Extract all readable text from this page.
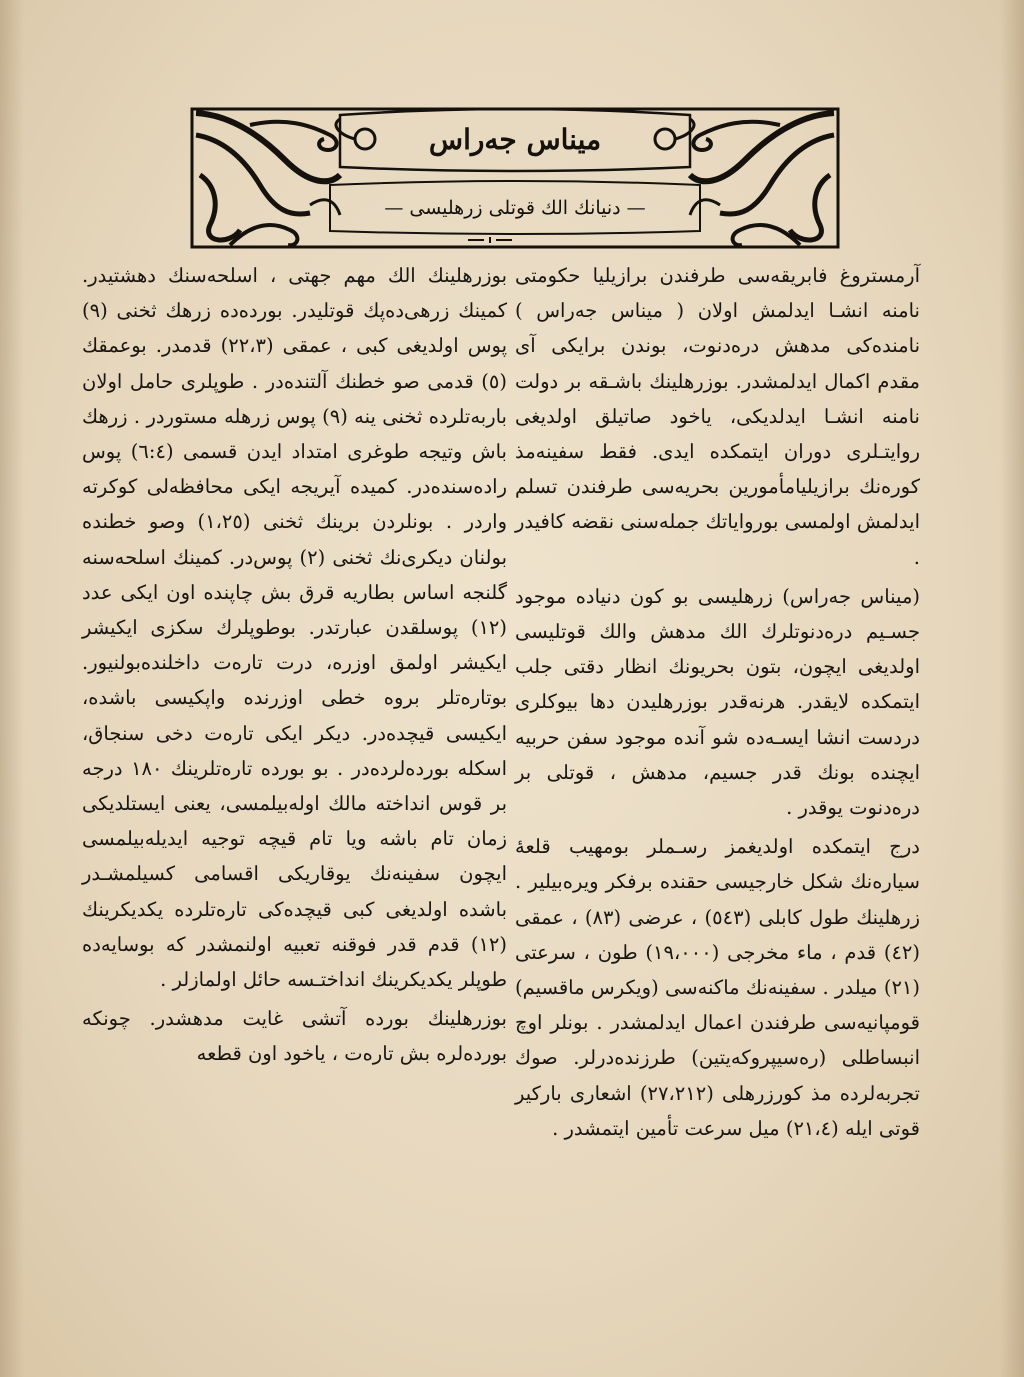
میناس جه‌راس
— دنیانك الك قوتلی زرهلیسی —

آرمستروغ فابریقه‌سی طرفندن برازیلیا حکومتی نامنه انشـا ایدلمش اولان ( میناس جه‌راس ) نامنده‌کی مدهش دره‌دنوت، بوندن برایکی آی مقدم اکمال ایدلمشدر. بوزرهلینك باشـقه بر دولت نامنه انشـا ایدلدیکی، یاخود صاتیلق اولدیغی روایتـلری دوران ایتمکده ایدی. فقط سفینه‌مذ کوره‌نك برازیلیامأمورین بحریه‌سی طرفندن تسلم ایدلمش اولمسی بوروایاتك جمله‌سنی نقضه کافیدر .

(میناس جه‌راس) زرهلیسی بو کون دنیاده موجود جسـیم دره‌دنوتلرك الك مدهش والك قوتلیسی اولدیغی ایچون، بتون بحریونك انظار دقتی جلب ایتمکده لایقدر. هرنه‌قدر بوزرهلیدن دها بیوکلری دردست انشا ایسـه‌ده شو آنده موجود سفن حربیه ایچنده بونك قدر جسیم، مدهش ، قوتلی بر دره‌دنوت یوقدر .

درج ایتمکده اولدیغمز رسـملر بومهیب قلعهٔ سیاره‌نك شکل خارجیسی حقنده برفکر ویره‌بیلیر . زرهلینك طول کابلی (٥٤٣) ، عرضی (٨٣) ، عمقی (٤٢) قدم ، ماء مخرجی (١٩،٠٠٠) طون ، سرعتی (٢١) میلدر . سفینه‌نك ماکنه‌سی (ویکرس ماقسیم) قومپانیه‌سی طرفندن اعمال ایدلمشدر . بونلر اوچ انبساطلی (ره‌سیپروکه‌یتین) طرزنده‌درلر. صوك تجربه‌لرده مذ کورزرهلی (٢٧،٢١٢) اشعاری بارکیر قوتی ایله (٢١،٤) میل سرعت تأمین ایتمشدر .

بوزرهلینك الك مهم جهتی ، اسلحه‌سنك دهشتیدر. کمینك زرهی‌ده‌پك قوتلیدر. بورده‌ده زرهك ثخنی (٩) پوس اولدیغی کبی ، عمقی (٢٢،٣) قدمدر. بوعمقك (٥) قدمی صو خطنك آلتنده‌در . طوپلری حامل اولان باربه‌تلرده ثخنی ینه (٩) پوس زرهله مستوردر . زرهك باش وتیجه طوغری امتداد ایدن قسمی (٦:٤) پوس راده‌سنده‌در. کمیده آیریجه ایکی محافظه‌لی کوکرته واردر . بونلردن برینك ثخنی (١،٢٥) وصو خطنده بولنان دیکری‌نك ثخنی (٢) پوس‌در. کمینك اسلحه‌سنه گلنجه اساس بطاریه قرق بش چاپنده اون ایکی عدد (١٢) پوسلقدن عبارتدر. بوطوپلرك سکزی ایکیشر ایکیشر اولمق اوزره، درت تاره‌ت داخلنده‌بولنیور. بوتاره‌تلر بروه خطی اوزرنده واپکیسی باشده، ایکیسی قیچده‌در. دیکر ایکی تاره‌ت دخی سنجاق، اسکله بورده‌لرده‌در . بو بورده تاره‌تلرینك ١٨٠ درجه بر قوس انداخته مالك اوله‌بیلمسی، یعنی ایستلدیکی زمان تام باشه ویا تام قیچه توجیه ایدیله‌بیلمسی ایچون سفینه‌نك یوقاریکی اقسامی کسیلمشـدر باشده اولدیغی کبی قیچده‌کی تاره‌تلرده یکدیکرینك (١٢) قدم قدر فوقنه تعبیه اولنمشدر که بوسایه‌ده طوپلر یکدیکرینك انداختـسه حائل اولمازلر .

بوزرهلینك بورده آتشی غایت مدهشدر. چونکه بورده‌لره بش تاره‌ت ، یاخود اون قطعه
